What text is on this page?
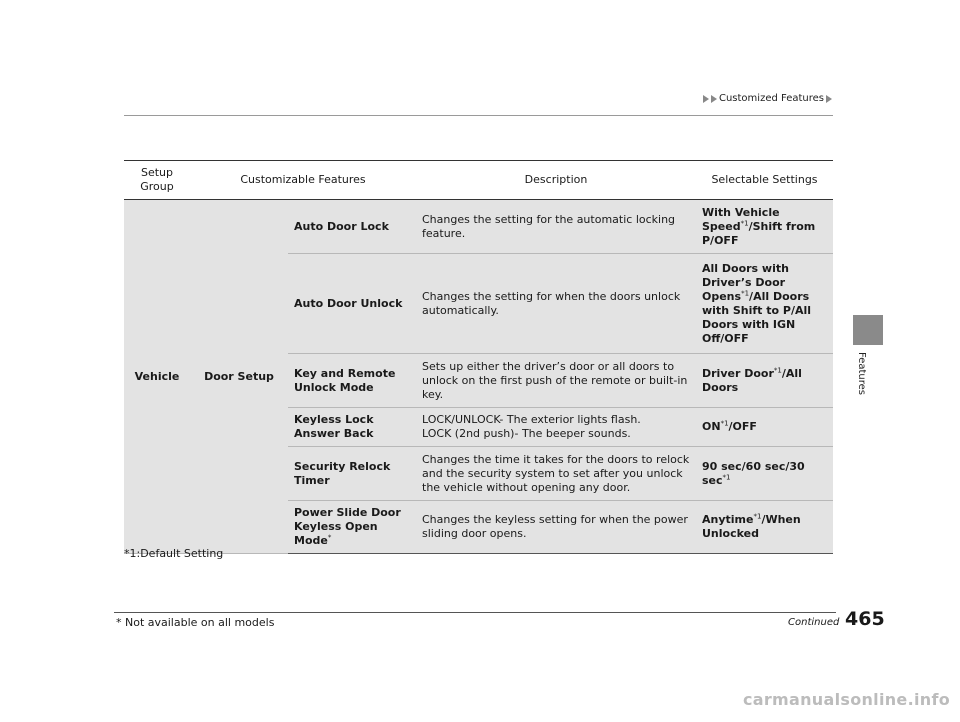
Customized Features
Features
Setup
Group	Customizable Features		Description	Selectable Settings
Vehicle	Door Setup	Auto Door Lock	Changes the setting for the automatic locking feature.	With Vehicle Speed$^{*1}$/Shift from P/OFF
		Auto Door Unlock	Changes the setting for when the doors unlock automatically.	All Doors with Driver’s Door Opens$^{*1}$/All Doors with Shift to P/All Doors with IGN Off/OFF
		Key and Remote Unlock Mode	Sets up either the driver’s door or all doors to unlock on the first push of the remote or built-in key.	Driver Door$^{*1}$/All Doors
		Keyless Lock Answer Back	LOCK/UNLOCK- The exterior lights flash.
LOCK (2nd push)- The beeper sounds.	ON$^{*1}$/OFF
		Security Relock Timer	Changes the time it takes for the doors to relock and the security system to set after you unlock the vehicle without opening any door.	90 sec/60 sec/30 $\sec^{*1}$
		Power Slide Door Keyless Open Mode*	Changes the keyless setting for when the power sliding door opens.	Anytime$^{*1}$/When Unlocked
*1:Default Setting
* Not available on all models	Continued 465
carmanualsonline.info
